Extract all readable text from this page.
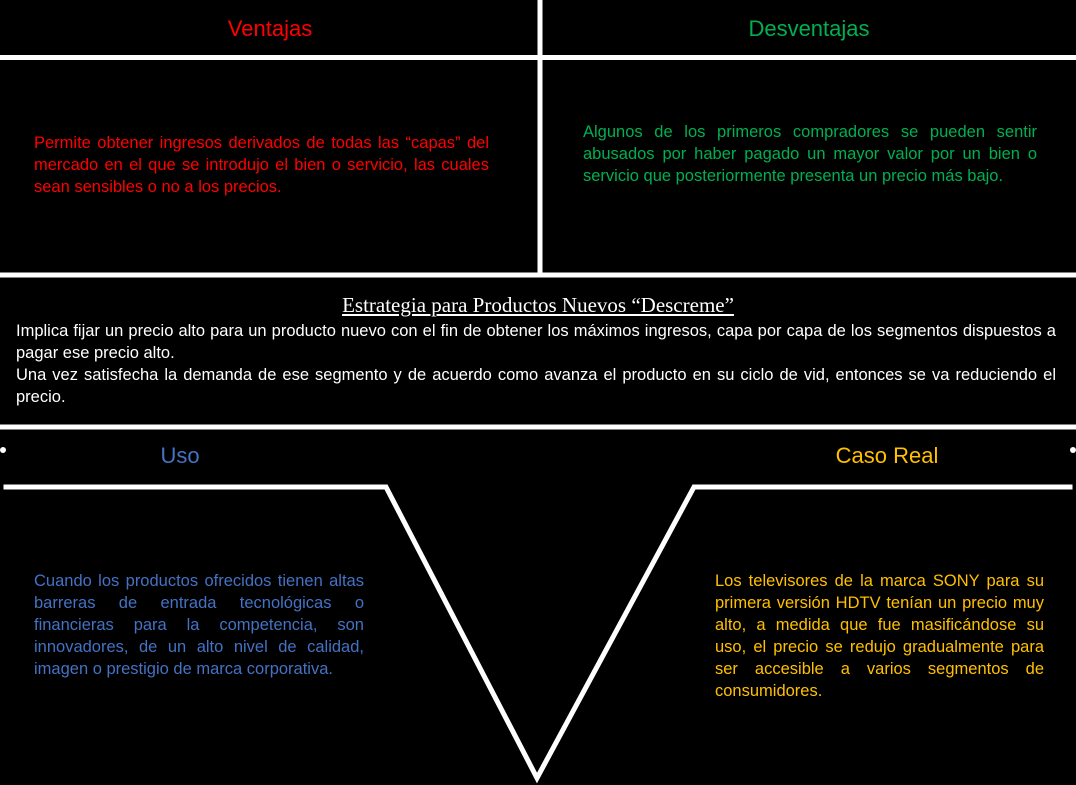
Ventajas
Permite obtener ingresos derivados de todas las “capas” del mercado en el que se introdujo el bien o servicio, las cuales sean sensibles o no a los precios.
Desventajas
Algunos de los primeros compradores se pueden sentir abusados por haber pagado un mayor valor por un bien o servicio que posteriormente presenta un precio más bajo.
Estrategia para Productos Nuevos “Descreme”

Implica fijar un precio alto para un producto nuevo con el fin de obtener los máximos ingresos, capa por capa de los segmentos dispuestos a pagar ese precio alto.

Una vez satisfecha la demanda de ese segmento y de acuerdo como avanza el producto en su ciclo de vid, entonces se va reduciendo el precio.

Uso
Cuando los productos ofrecidos tienen altas barreras de entrada tecnológicas o financieras para la competencia, son innovadores, de un alto nivel de calidad, imagen o prestigio de marca corporativa.
Caso Real
Los televisores de la marca SONY para su primera versión HDTV tenían un precio muy alto, a medida que fue masificándose su uso, el precio se redujo gradualmente para ser accesible a varios segmentos de consumidores.
